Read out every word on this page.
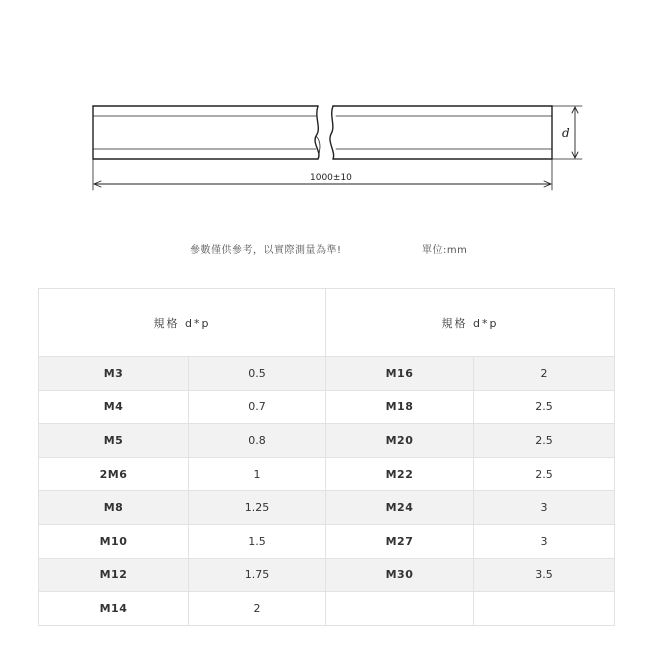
1000±10
d
參數僅供參考，以實際測量為準!	單位:mm
規格 d*p		規格 d*p	
M3	0.5	M16	2
M4	0.7	M18	2.5
M5	0.8	M20	2.5
2M6	1	M22	2.5
M8	1.25	M24	3
M10	1.5	M27	3
M12	1.75	M30	3.5
M14	2		
